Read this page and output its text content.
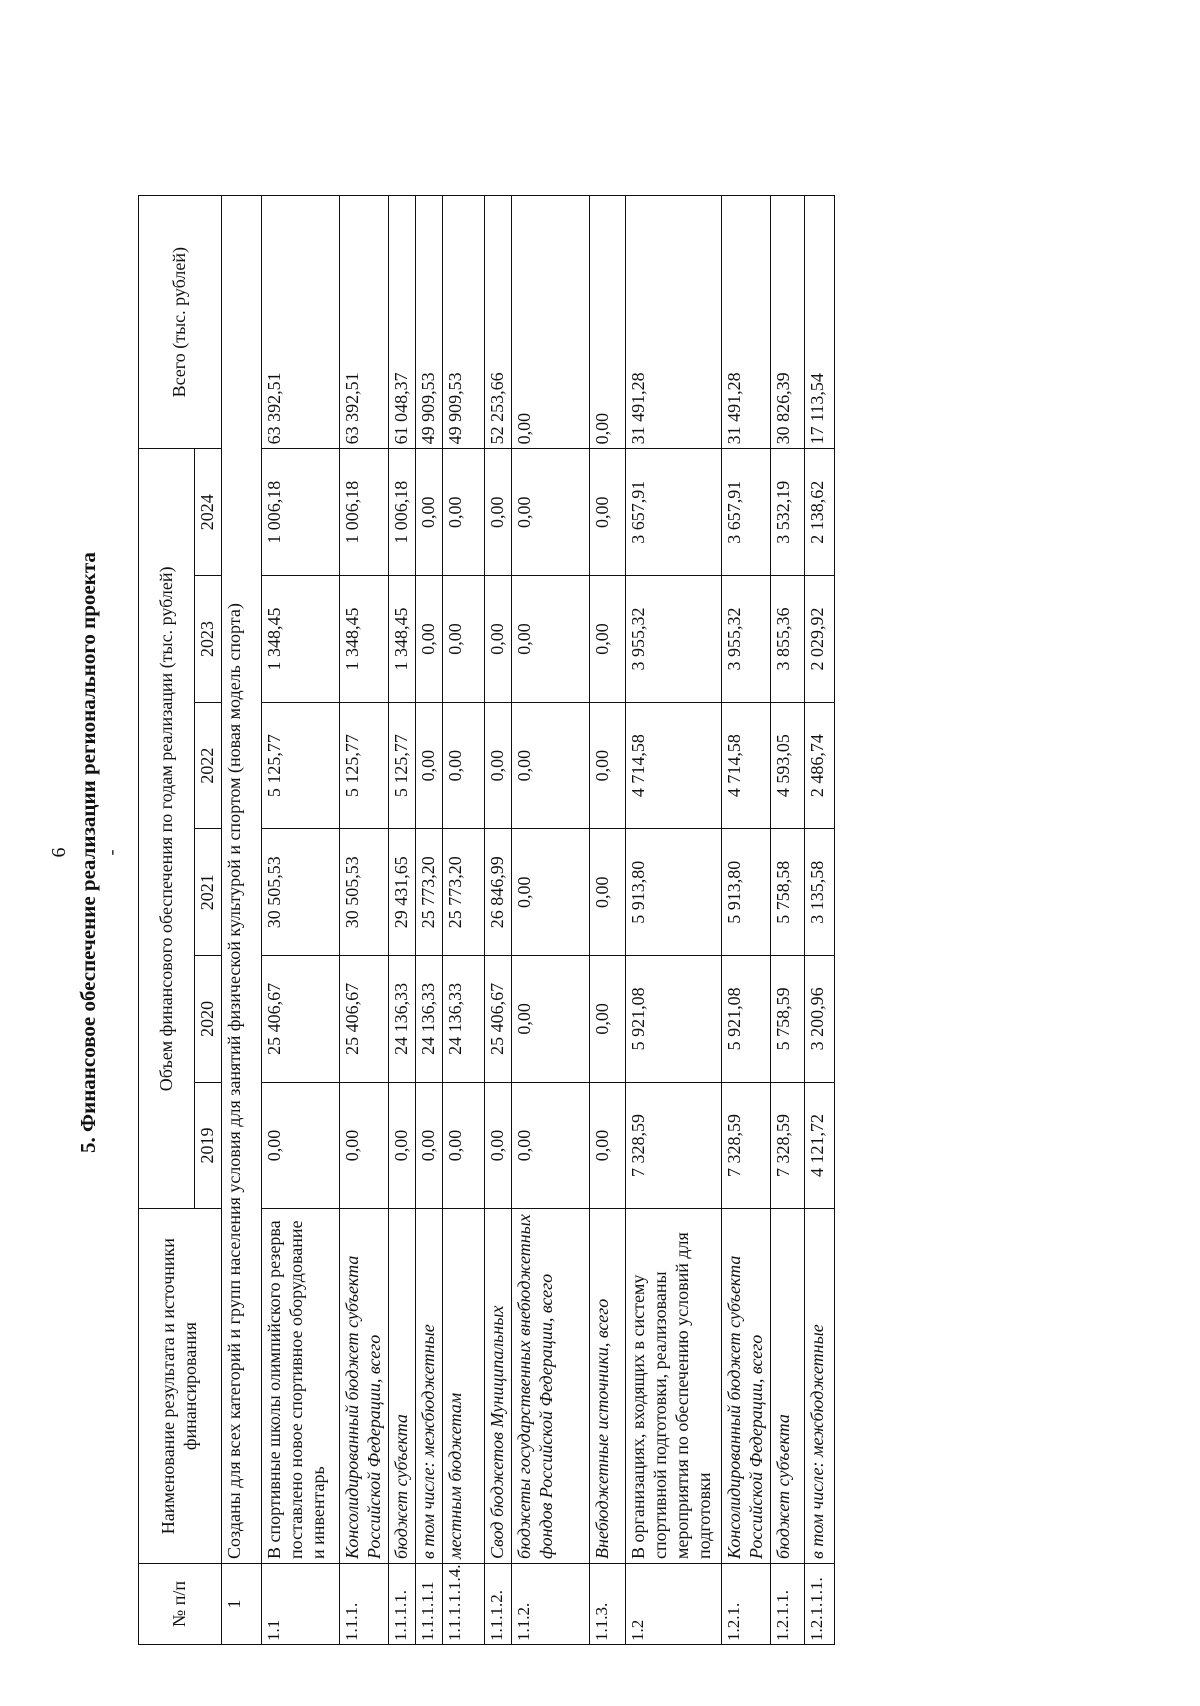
6 5. Финансовое обеспечение реализации регионального проекта -
№ п/п	Наименование результата и источники финансирования	Объем финансового обеспечения по годам реализации (тыс. рублей)						Всего (тыс. рублей)
		2019	2020	2021	2022	2023	2024	
1	Созданы для всех категорий и групп населения условия для занятий физической культурой и спортом (новая модель спорта)							
1.1	В спортивные школы олимпийского резерва поставлено новое спортивное оборудование и инвентарь	0,00	25 406,67	30 505,53	5 125,77	1 348,45	1 006,18	63 392,51
1.1.1.	Консолидированный бюджет субъекта Российской Федерации, всего	0,00	25 406,67	30 505,53	5 125,77	1 348,45	1 006,18	63 392,51
1.1.1.1.	бюджет субъекта	0,00	24 136,33	29 431,65	5 125,77	1 348,45	1 006,18	61 048,37
1.1.1.1.1	в том числе: межбюджетные	0,00	24 136,33	25 773,20	0,00	0,00	0,00	49 909,53
1.1.1.1.1.4.	местным бюджетам	0,00	24 136,33	25 773,20	0,00	0,00	0,00	49 909,53
1.1.1.2.	Свод бюджетов Муниципальных	0,00	25 406,67	26 846,99	0,00	0,00	0,00	52 253,66
1.1.2.	бюджеты государственных внебюджетных фондов Российской Федерации, всего	0,00	0,00	0,00	0,00	0,00	0,00	0,00
1.1.3.	Внебюджетные источники, всего	0,00	0,00	0,00	0,00	0,00	0,00	0,00
1.2	В организациях, входящих в систему спортивной подготовки, реализованы мероприятия по обеспечению условий для подготовки	7 328,59	5 921,08	5 913,80	4 714,58	3 955,32	3 657,91	31 491,28
1.2.1.	Консолидированный бюджет субъекта Российской Федерации, всего	7 328,59	5 921,08	5 913,80	4 714,58	3 955,32	3 657,91	31 491,28
1.2.1.1.	бюджет субъекта	7 328,59	5 758,59	5 758,58	4 593,05	3 855,36	3 532,19	30 826,39
1.2.1.1.1.	в том числе: межбюджетные	4 121,72	3 200,96	3 135,58	2 486,74	2 029,92	2 138,62	17 113,54
